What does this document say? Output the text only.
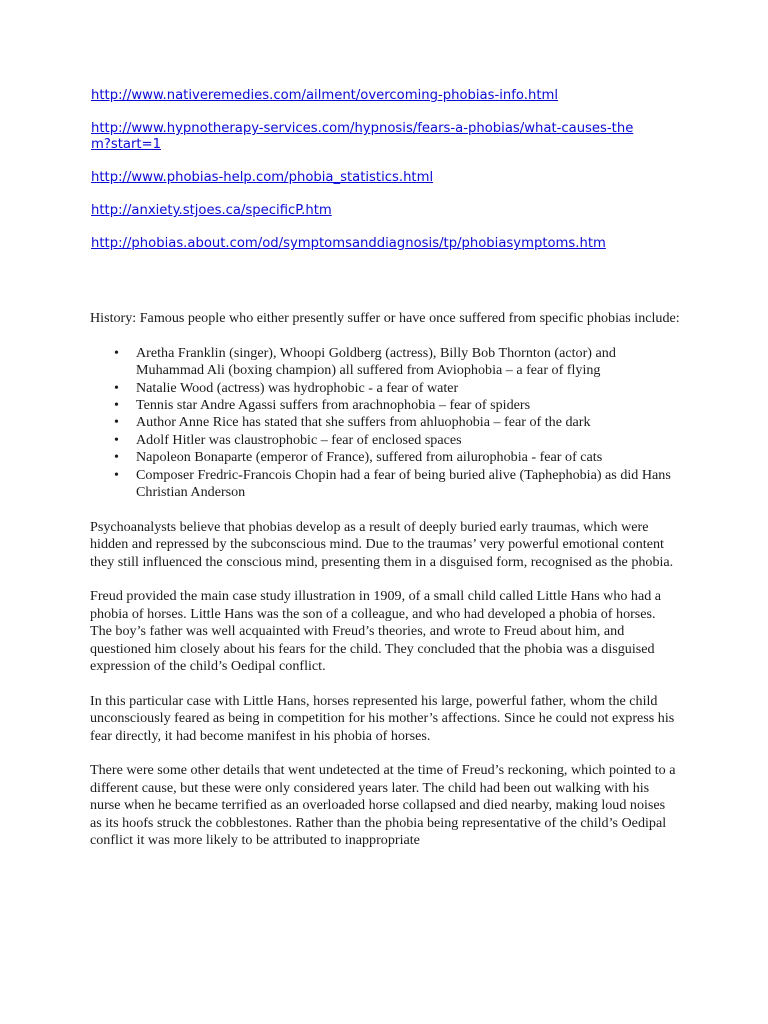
http://www.nativeremedies.com/ailment/overcoming-phobias-info.html
http://www.hypnotherapy-services.com/hypnosis/fears-a-phobias/what-causes-them?start=1
http://www.phobias-help.com/phobia_statistics.html
http://anxiety.stjoes.ca/specificP.htm
http://phobias.about.com/od/symptomsanddiagnosis/tp/phobiasymptoms.htm

History: Famous people who either presently suffer or have once suffered from specific phobias include:

• Aretha Franklin (singer), Whoopi Goldberg (actress), Billy Bob Thornton (actor) and Muhammad Ali (boxing champion) all suffered from Aviophobia – a fear of flying
• Natalie Wood (actress) was hydrophobic - a fear of water
• Tennis star Andre Agassi suffers from arachnophobia – fear of spiders
• Author Anne Rice has stated that she suffers from ahluophobia – fear of the dark
• Adolf Hitler was claustrophobic – fear of enclosed spaces
• Napoleon Bonaparte (emperor of France), suffered from ailurophobia - fear of cats
• Composer Fredric-Francois Chopin had a fear of being buried alive (Taphephobia) as did Hans Christian Anderson

Psychoanalysts believe that phobias develop as a result of deeply buried early traumas, which were hidden and repressed by the subconscious mind. Due to the traumas’ very powerful emotional content they still influenced the conscious mind, presenting them in a disguised form, recognised as the phobia.

Freud provided the main case study illustration in 1909, of a small child called Little Hans who had a phobia of horses. Little Hans was the son of a colleague, and who had developed a phobia of horses. The boy’s father was well acquainted with Freud’s theories, and wrote to Freud about him, and questioned him closely about his fears for the child. They concluded that the phobia was a disguised expression of the child’s Oedipal conflict.

In this particular case with Little Hans, horses represented his large, powerful father, whom the child unconsciously feared as being in competition for his mother’s affections. Since he could not express his fear directly, it had become manifest in his phobia of horses.

There were some other details that went undetected at the time of Freud’s reckoning, which pointed to a different cause, but these were only considered years later. The child had been out walking with his nurse when he became terrified as an overloaded horse collapsed and died nearby, making loud noises as its hoofs struck the cobblestones. Rather than the phobia being representative of the child’s Oedipal conflict it was more likely to be attributed to inappropriate
